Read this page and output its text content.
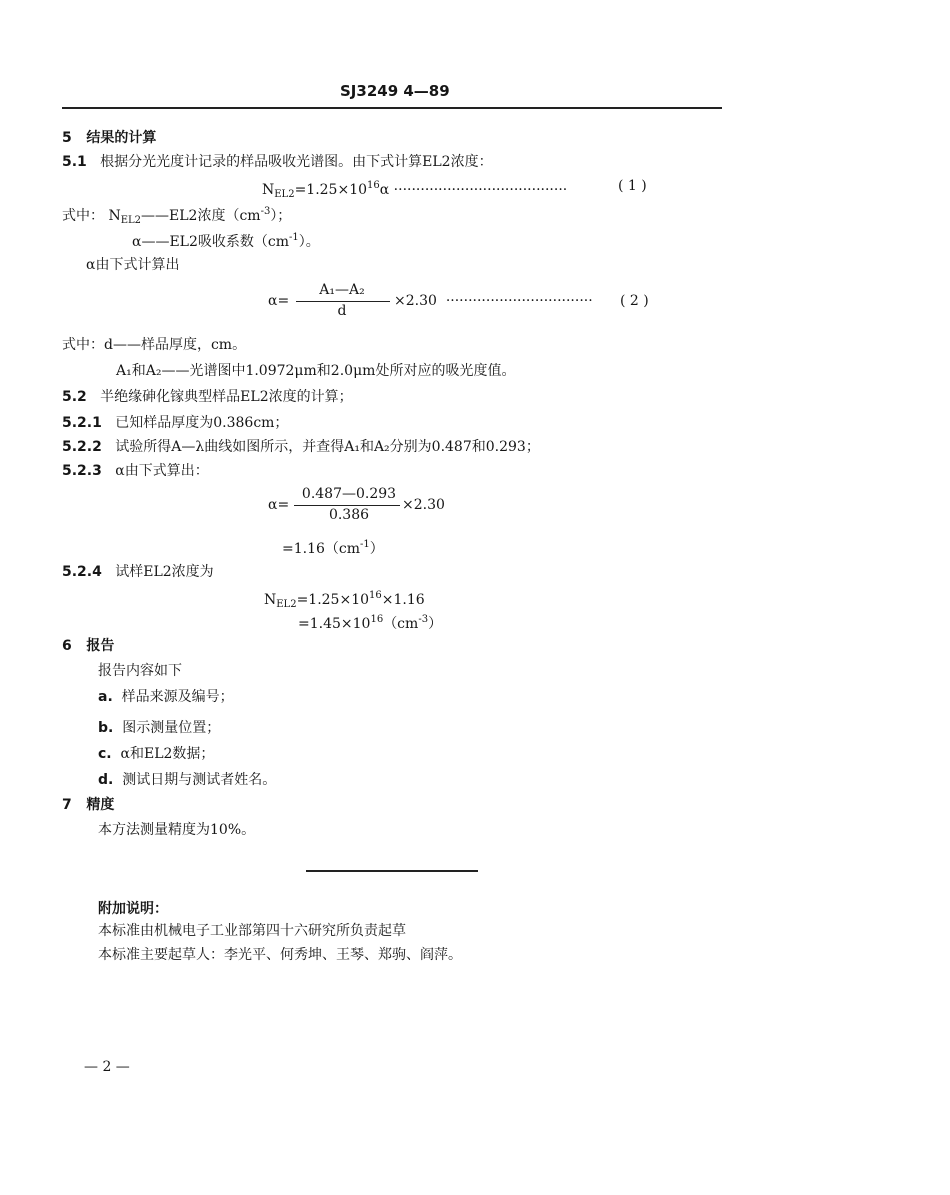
SJ3249 4—89
5 结果的计算
5.1 根据分光光度计记录的样品吸收光谱图。由下式计算EL2浓度：
$N_{EL2}=1.25\times 10^{16}\alpha$ ·······································	( 1 )
式中： $N_{EL2}——EL2$浓度$(cm^{-3})$；
α——EL2吸收系数$(cm^{-1})$。
α由下式计算出
α=
A₁—A₂
d
×2.30 ································· ( 2 )
式中：d——样品厚度，cm。
A₁和A₂——光谱图中1.0972μm和2.0μm处所对应的吸光度值。
5.2 半绝缘砷化镓典型样品EL2浓度的计算；
5.2.1 已知样品厚度为0.386cm；
5.2.2 试验所得A—λ曲线如图所示，并查得A₁和A₂分别为0.487和0.293；
5.2.3 α由下式算出：
α=
0.487—0.293
0.386
×2.30
$=1.16(cm^{-1})$
5.2.4 试样EL2浓度为
$N_{EL2}=1.25\times 10^{16}\times 1.16$
$=1.45\times 10^{16}(cm^{-3})$
6 报告
报告内容如下
a. 样品来源及编号；
b. 图示测量位置；
c. α和EL2数据；
d. 测试日期与测试者姓名。
7 精度
本方法测量精度为10%。
附加说明：
本标准由机械电子工业部第四十六研究所负责起草
本标准主要起草人：李光平、何秀坤、王琴、郑驹、阎萍。
— 2 —
